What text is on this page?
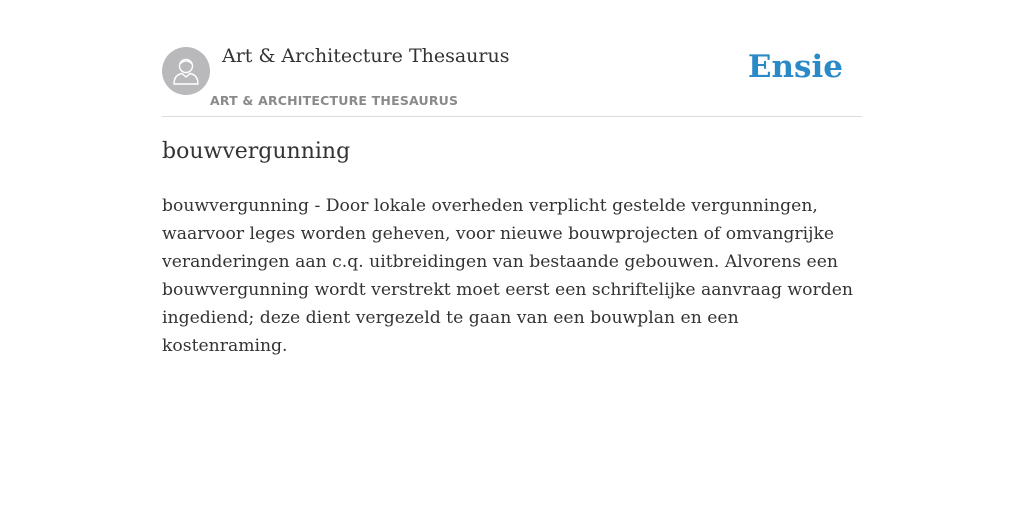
Art & Architecture Thesaurus
ART & ARCHITECTURE THESAURUS
Ensie
bouwvergunning

bouwvergunning - Door lokale overheden verplicht gestelde vergunningen, waarvoor leges worden geheven, voor nieuwe bouwprojecten of omvangrijke veranderingen aan c.q. uitbreidingen van bestaande gebouwen. Alvorens een bouwvergunning wordt verstrekt moet eerst een schriftelijke aanvraag worden ingediend; deze dient vergezeld te gaan van een bouwplan en een kostenraming.
